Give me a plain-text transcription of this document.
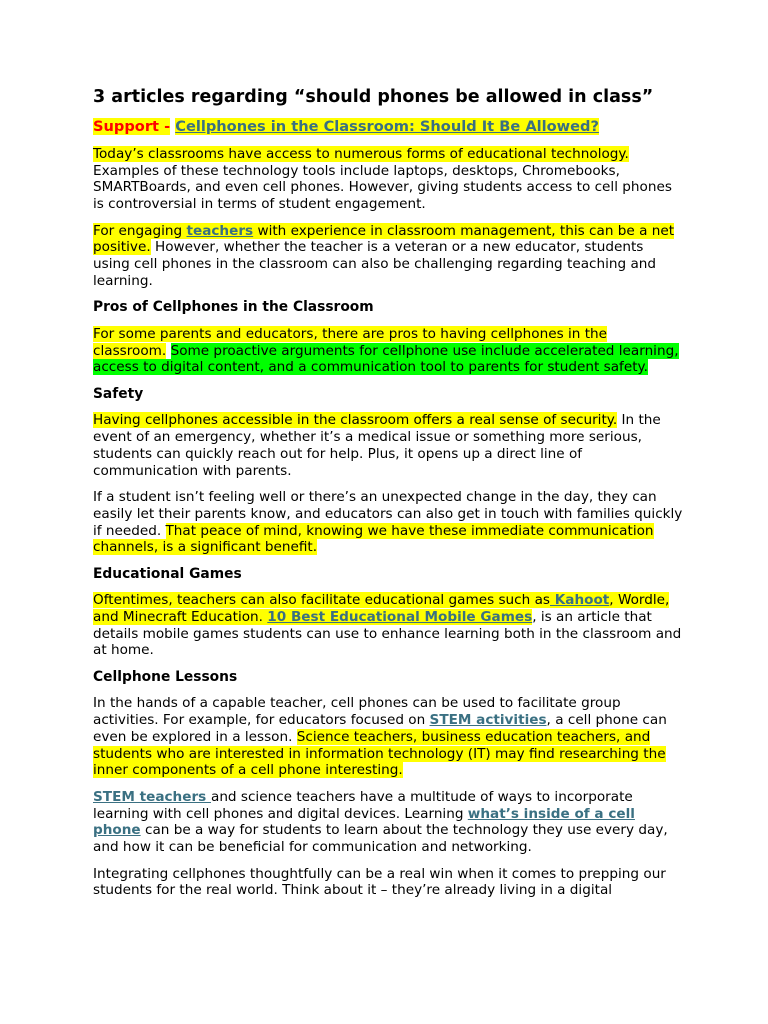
3 articles regarding “should phones be allowed in class”

Support - Cellphones in the Classroom: Should It Be Allowed?

Today’s classrooms have access to numerous forms of educational technology. Examples of these technology tools include laptops, desktops, Chromebooks, SMARTBoards, and even cell phones. However, giving students access to cell phones is controversial in terms of student engagement.

For engaging teachers with experience in classroom management, this can be a net positive. However, whether the teacher is a veteran or a new educator, students using cell phones in the classroom can also be challenging regarding teaching and learning.

Pros of Cellphones in the Classroom

For some parents and educators, there are pros to having cellphones in the classroom. Some proactive arguments for cellphone use include accelerated learning, access to digital content, and a communication tool to parents for student safety.

Safety

Having cellphones accessible in the classroom offers a real sense of security. In the event of an emergency, whether it’s a medical issue or something more serious, students can quickly reach out for help. Plus, it opens up a direct line of communication with parents.

If a student isn’t feeling well or there’s an unexpected change in the day, they can easily let their parents know, and educators can also get in touch with families quickly if needed. That peace of mind, knowing we have these immediate communication channels, is a significant benefit.

Educational Games

Oftentimes, teachers can also facilitate educational games such as Kahoot, Wordle, and Minecraft Education. 10 Best Educational Mobile Games, is an article that details mobile games students can use to enhance learning both in the classroom and at home.

Cellphone Lessons

In the hands of a capable teacher, cell phones can be used to facilitate group activities. For example, for educators focused on STEM activities, a cell phone can even be explored in a lesson. Science teachers, business education teachers, and students who are interested in information technology (IT) may find researching the inner components of a cell phone interesting.

STEM teachers and science teachers have a multitude of ways to incorporate learning with cell phones and digital devices. Learning what’s inside of a cell phone can be a way for students to learn about the technology they use every day, and how it can be beneficial for communication and networking.

Integrating cellphones thoughtfully can be a real win when it comes to prepping our students for the real world. Think about it – they’re already living in a digital
